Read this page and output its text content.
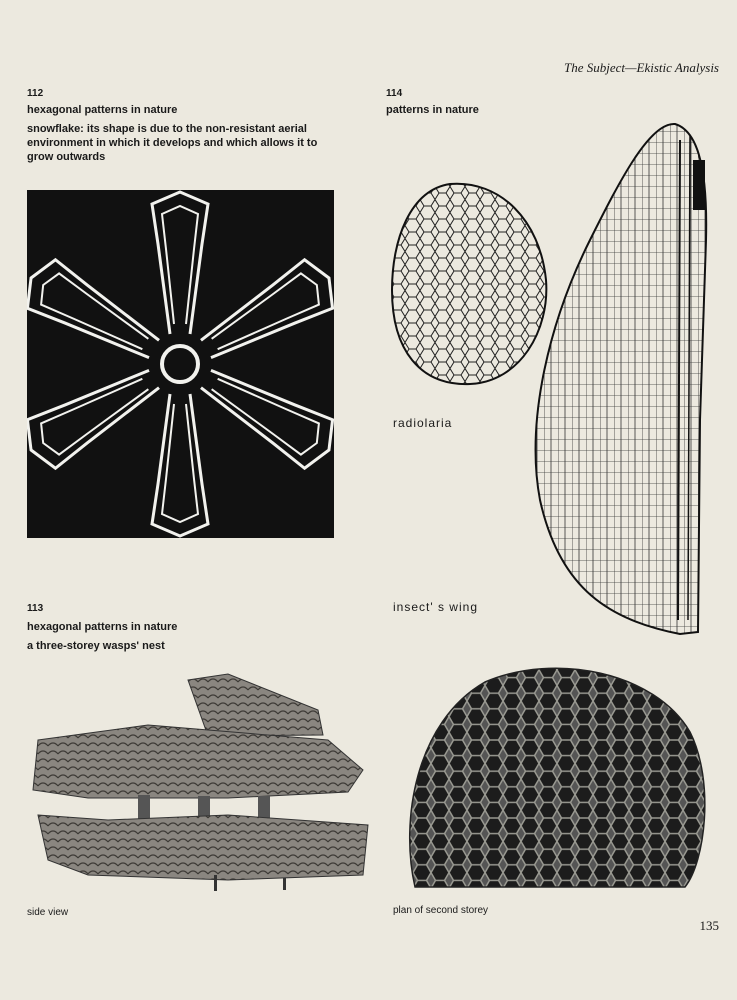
The Subject—Ekistic Analysis
112
hexagonal patterns in nature
snowflake: its shape is due to the non-resistant aerial environment in which it develops and which allows it to grow outwards
114
patterns in nature
radiolaria
insect' s wing
113
hexagonal patterns in nature
a three-storey wasps' nest
side view	plan of second storey
135
